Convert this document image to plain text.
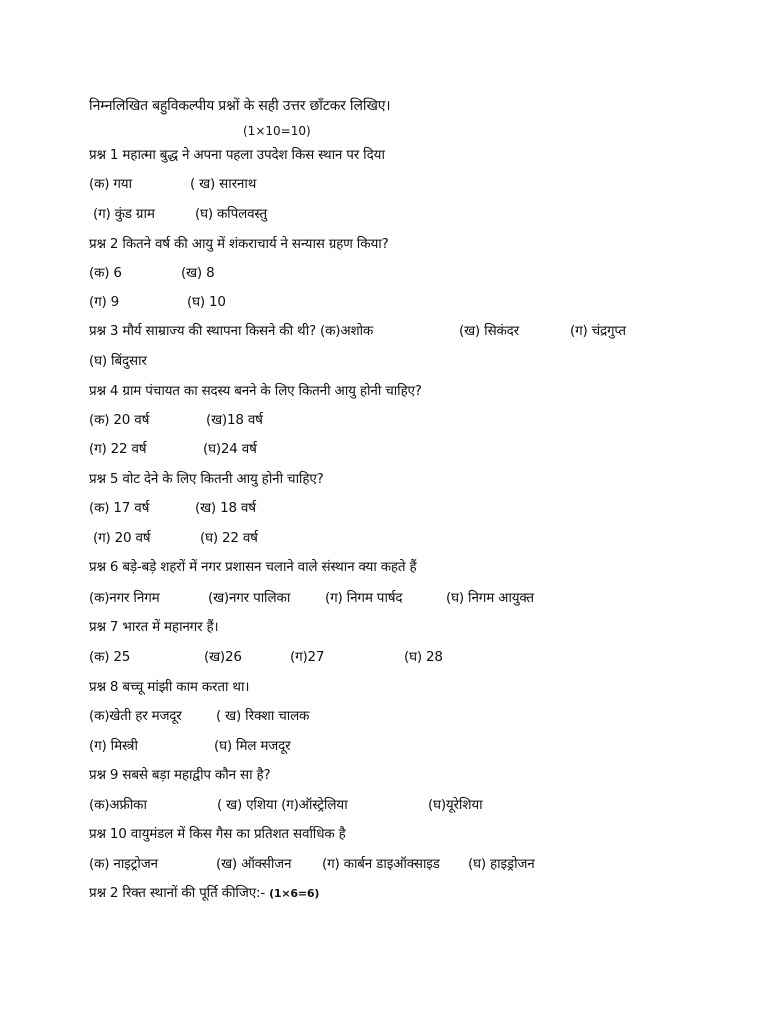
निम्नलिखित बहुविकल्पीय प्रश्नों के सही उत्तर छाँटकर लिखिए।
(1×10=10)
प्रश्न 1 महात्मा बुद्ध ने अपना पहला उपदेश किस स्थान पर दिया
(क) गया	( ख) सारनाथ
(ग) कुंड ग्राम	(घ) कपिलवस्तु
प्रश्न 2 कितने वर्ष की आयु में शंकराचार्य ने सन्यास ग्रहण किया?
(क) 6	(ख) 8
(ग) 9	(घ) 10
प्रश्न 3 मौर्य साम्राज्य की स्थापना किसने की थी? (क)अशोक	(ख) सिकंदर	(ग) चंद्रगुप्त
(घ) बिंदुसार
प्रश्न 4 ग्राम पंचायत का सदस्य बनने के लिए कितनी आयु होनी चाहिए?
(क) 20 वर्ष	(ख)18 वर्ष
(ग) 22 वर्ष	(घ)24 वर्ष
प्रश्न 5 वोट देने के लिए कितनी आयु होनी चाहिए?
(क) 17 वर्ष	(ख) 18 वर्ष
(ग) 20 वर्ष	(घ) 22 वर्ष
प्रश्न 6 बड़े-बड़े शहरों में नगर प्रशासन चलाने वाले संस्थान क्या कहते हैं
(क)नगर निगम	(ख)नगर पालिका	(ग) निगम पार्षद	(घ) निगम आयुक्त
प्रश्न 7 भारत में महानगर हैं।
(क) 25	(ख)26	(ग)27	(घ) 28
प्रश्न 8 बच्चू मांझी काम करता था।
(क)खेती हर मजदूर	( ख) रिक्शा चालक
(ग) मिस्त्री	(घ) मिल मजदूर
प्रश्न 9 सबसे बड़ा महाद्वीप कौन सा है?
(क)अफ्रीका	( ख) एशिया (ग)ऑस्ट्रेलिया	(घ)यूरेशिया
प्रश्न 10 वायुमंडल में किस गैस का प्रतिशत सर्वाधिक है
(क) नाइट्रोजन	(ख) ऑक्सीजन (ग) कार्बन डाइऑक्साइड (घ) हाइड्रोजन
प्रश्न 2 रिक्त स्थानों की पूर्ति कीजिए:- (1×6=6)
